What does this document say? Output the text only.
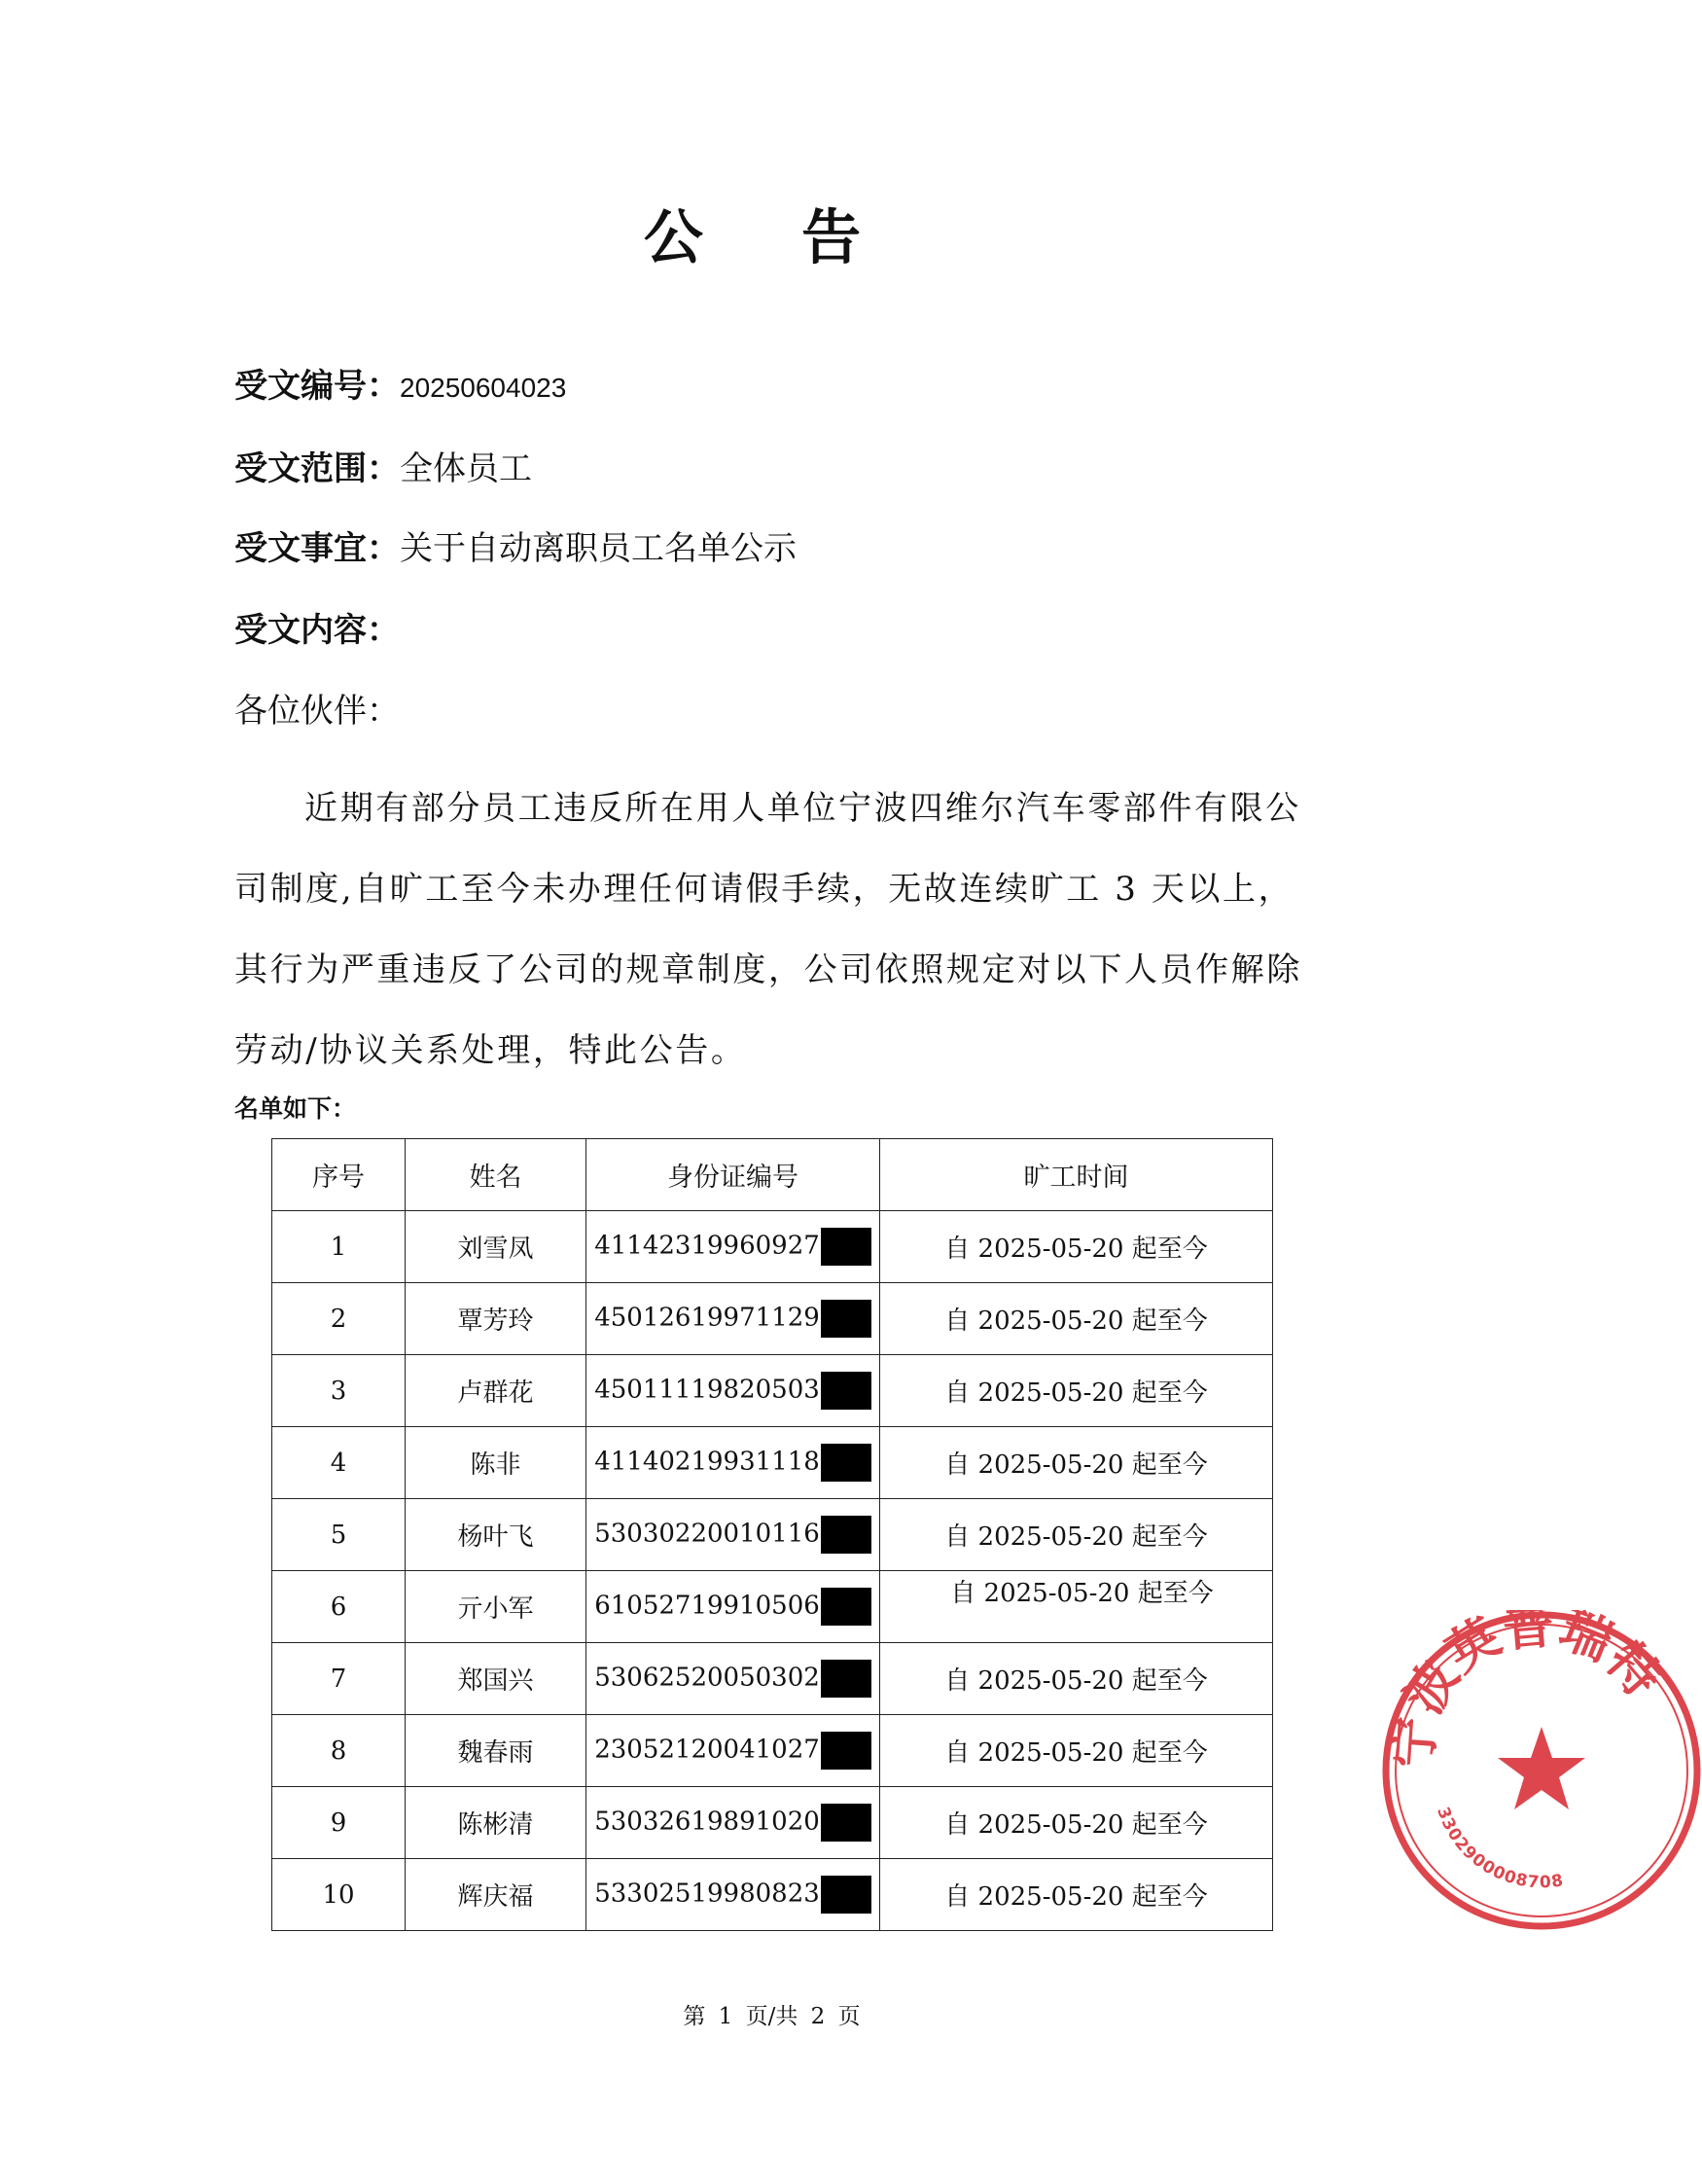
公 告
受文编号：20250604023
受文范围：全体员工
受文事宜：关于自动离职员工名单公示
受文内容：
各位伙伴：
近期有部分员工违反所在用人单位宁波四维尔汽车零部件有限公司制度,自旷工至今未办理任何请假手续，无故连续旷工 3 天以上，其行为严重违反了公司的规章制度，公司依照规定对以下人员作解除劳动/协议关系处理，特此公告。
名单如下：
序号	姓名	身份证编号	旷工时间
1	刘雪凤	41142319960927	自 2025-05-20 起至今
2	覃芳玲	45012619971129	自 2025-05-20 起至今
3	卢群花	45011119820503	自 2025-05-20 起至今
4	陈非	41140219931118	自 2025-05-20 起至今
5	杨叶飞	53030220010116	自 2025-05-20 起至今
6	亓小军	61052719910506	自 2025-05-20 起至今
7	郑国兴	53062520050302	自 2025-05-20 起至今
8	魏春雨	23052120041027	自 2025-05-20 起至今
9	陈彬清	53032619891020	自 2025-05-20 起至今
10	辉庆福	53302519980823	自 2025-05-20 起至今
第 1 页/共 2 页
宁波英普瑞特
3302900008708
